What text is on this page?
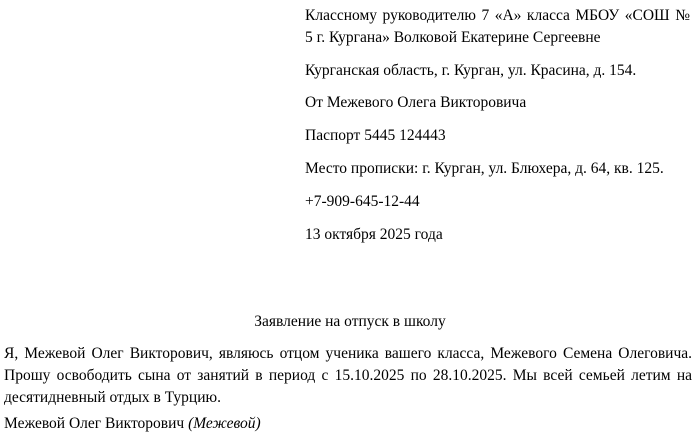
Классному руководителю 7 «А» класса МБОУ «СОШ № 5 г. Кургана» Волковой Екатерине Сергеевне

Курганская область, г. Курган, ул. Красина, д. 154.

От Межевого Олега Викторовича

Паспорт 5445 124443

Место прописки: г. Курган, ул. Блюхера, д. 64, кв. 125.

+7-909-645-12-44

13 октября 2025 года

Заявление на отпуск в школу

Я, Межевой Олег Викторович, являюсь отцом ученика вашего класса, Межевого Семена Олеговича. Прошу освободить сына от занятий в период с 15.10.2025 по 28.10.2025. Мы всей семьей летим на десятидневный отдых в Турцию.

Межевой Олег Викторович (Межевой)
